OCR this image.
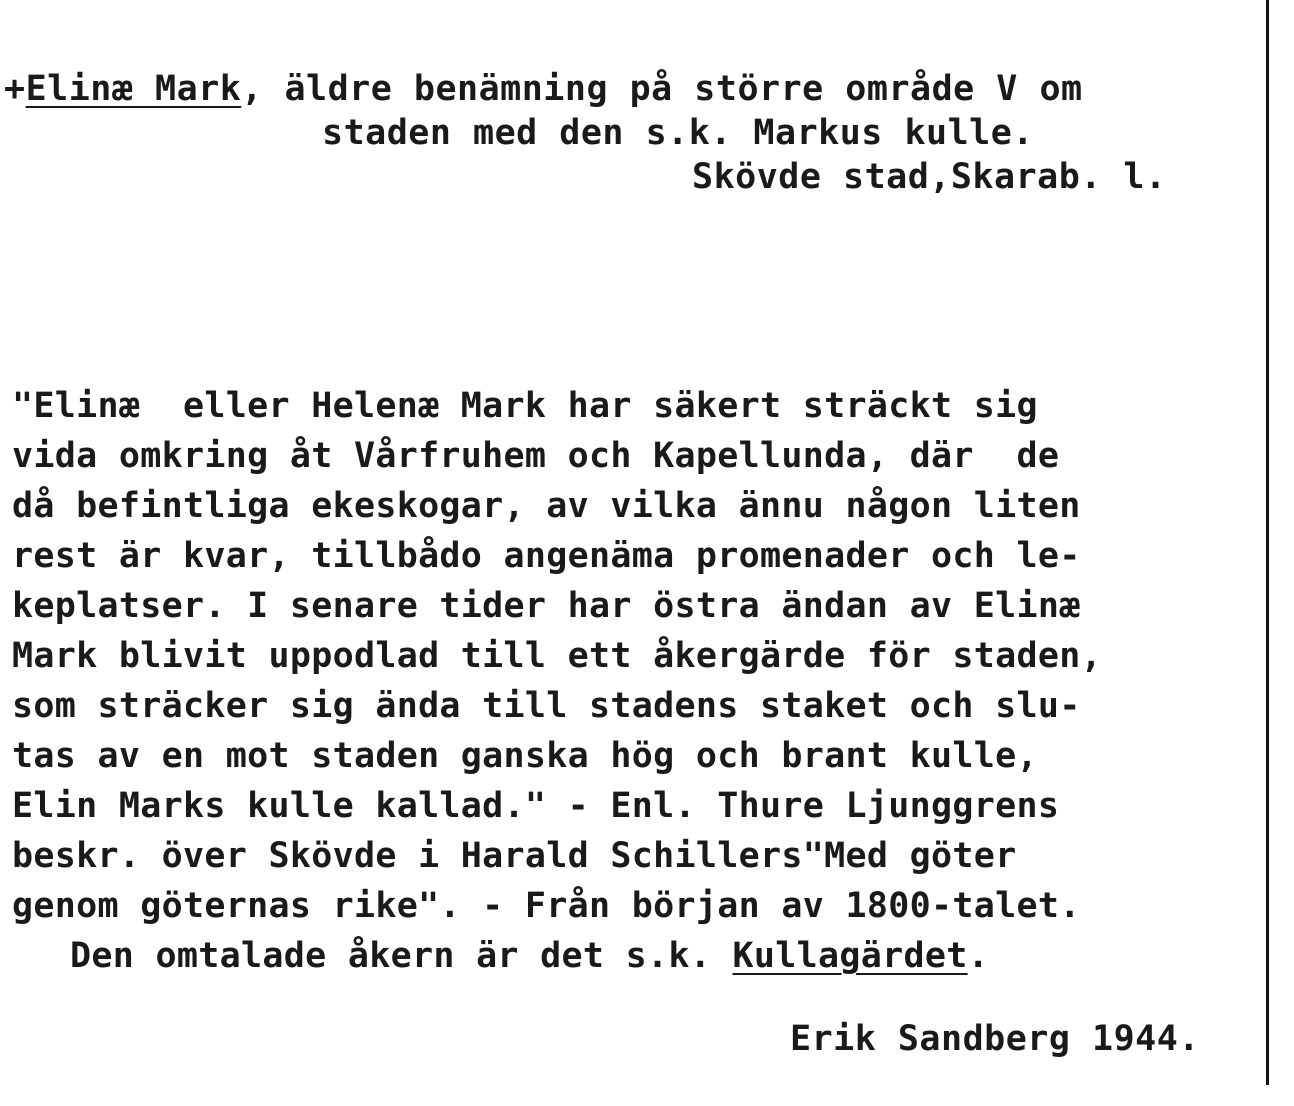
+ Elinæ Mark , äldre benämning på större område V om
staden med den s.k. Markus kulle.
Skövde stad,Skarab. l.
"Elinæ  eller Helenæ Mark har säkert sträckt sig
vida omkring åt Vårfruhem och Kapellunda, där  de
då befintliga ekeskogar, av vilka ännu någon liten
rest är kvar, tillbådo angenäma promenader och le-
keplatser. I senare tider har östra ändan av Elinæ
Mark blivit uppodlad till ett åkergärde för staden,
som sträcker sig ända till stadens staket och slu-
tas av en mot staden ganska hög och brant kulle,
Elin Marks kulle kallad." - Enl. Thure Ljunggrens
beskr. över Skövde i Harald Schillers"Med göter
genom göternas rike". - Från början av 1800-talet.
Den omtalade åkern är det s.k. Kullagärdet.
Erik Sandberg 1944.
